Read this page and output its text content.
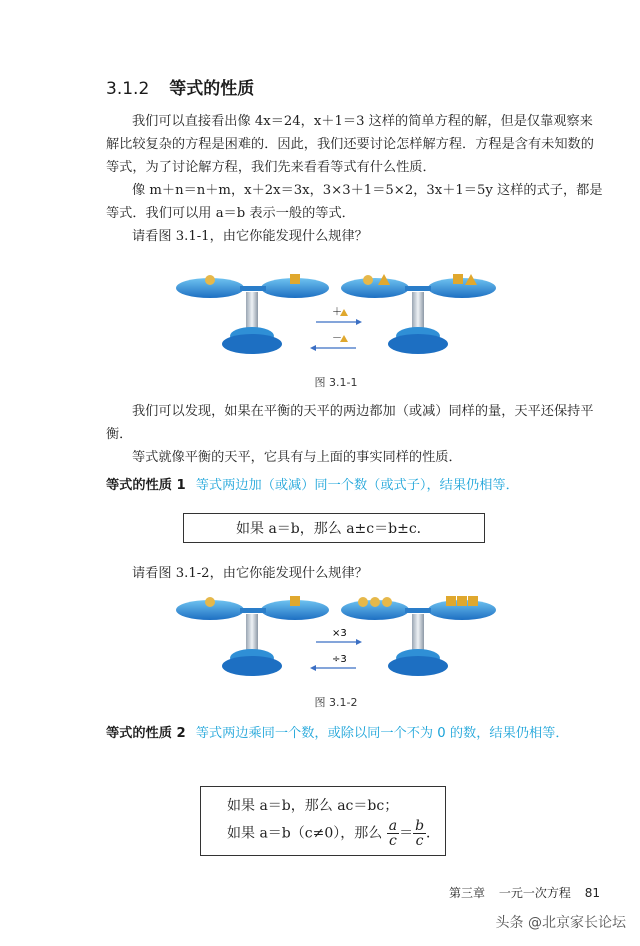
3.1.2 等式的性质

我们可以直接看出像 4x＝24，x＋1＝3 这样的简单方程的解，但是仅靠观察来解比较复杂的方程是困难的．因此，我们还要讨论怎样解方程．方程是含有未知数的等式，为了讨论解方程，我们先来看看等式有什么性质．

像 m＋n＝n＋m，x＋2x＝3x，3×3＋1＝5×2，3x＋1＝5y 这样的式子，都是等式．我们可以用 a＝b 表示一般的等式．

请看图 3.1-1，由它你能发现什么规律？

＋
－
图 3.1-1

我们可以发现，如果在平衡的天平的两边都加（或减）同样的量，天平还保持平衡．

等式就像平衡的天平，它具有与上面的事实同样的性质．

等式的性质 1 等式两边加（或减）同一个数（或式子），结果仍相等．
如果 a＝b，那么 a±c＝b±c．

请看图 3.1-2，由它你能发现什么规律？

×3
÷3
图 3.1-2
等式的性质 2 等式两边乘同一个数，或除以同一个不为 0 的数，结果仍相等．
如果 a＝b，那么 ac＝bc；
如果 a＝b（c≠0），那么 $\frac{a}{c} = \frac{b}{c}$ ．
第三章 一元一次方程 81
头条 @北京家长论坛
